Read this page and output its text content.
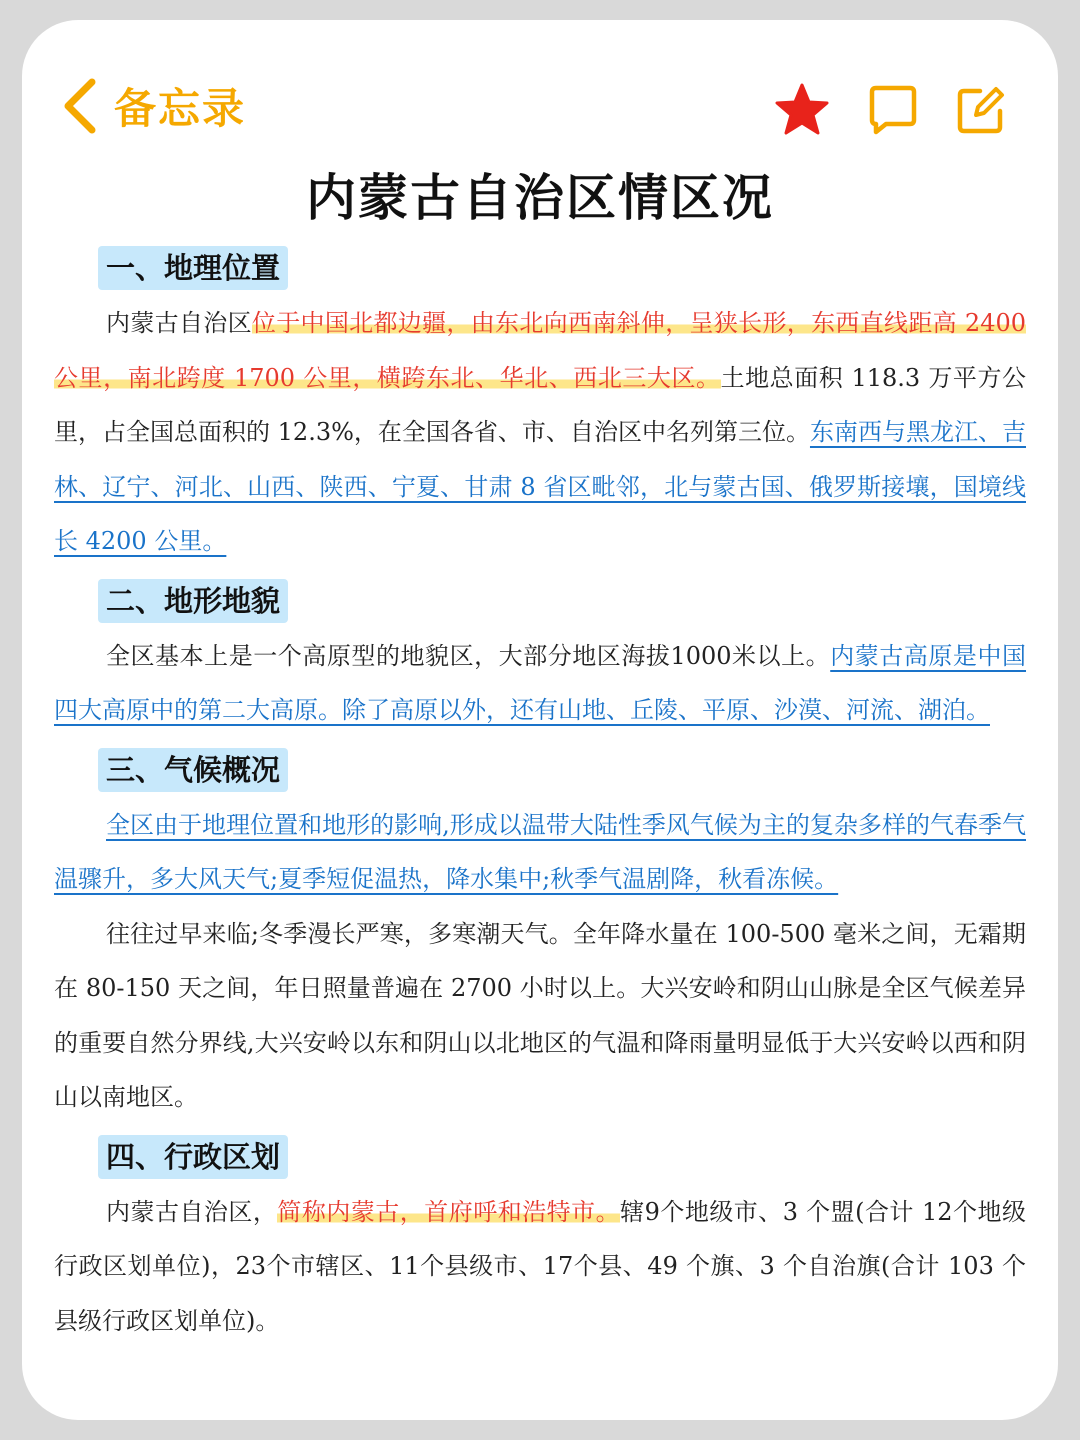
备忘录
内蒙古自治区情区况
一、地理位置

内蒙古自治区位于中国北都边疆，由东北向西南斜伸，呈狭长形，东西直线距高 2400 公里，南北跨度 1700 公里，横跨东北、华北、西北三大区。土地总面积 118.3 万平方公里，占全国总面积的 12.3%，在全国各省、市、自治区中名列第三位。东南西与黑龙江、吉林、辽宁、河北、山西、陕西、宁夏、甘肃 8 省区毗邻，北与蒙古国、俄罗斯接壤，国境线长 4200 公里。

二、地形地貌

全区基本上是一个高原型的地貌区，大部分地区海拔1000米以上。内蒙古高原是中国四大高原中的第二大高原。除了高原以外，还有山地、丘陵、平原、沙漠、河流、湖泊。

三、气候概况

全区由于地理位置和地形的影响,形成以温带大陆性季风气候为主的复杂多样的气春季气温骤升，多大风天气;夏季短促温热，降水集中;秋季气温剧降，秋看冻候。

往往过早来临;冬季漫长严寒，多寒潮天气。全年降水量在 100-500 毫米之间，无霜期在 80-150 天之间，年日照量普遍在 2700 小时以上。大兴安岭和阴山山脉是全区气候差异的重要自然分界线,大兴安岭以东和阴山以北地区的气温和降雨量明显低于大兴安岭以西和阴山以南地区。

四、行政区划

内蒙古自治区，简称内蒙古，首府呼和浩特市。辖9个地级市、3 个盟(合计 12个地级行政区划单位)，23个市辖区、11个县级市、17个县、49 个旗、3 个自治旗(合计 103 个县级行政区划单位)。
